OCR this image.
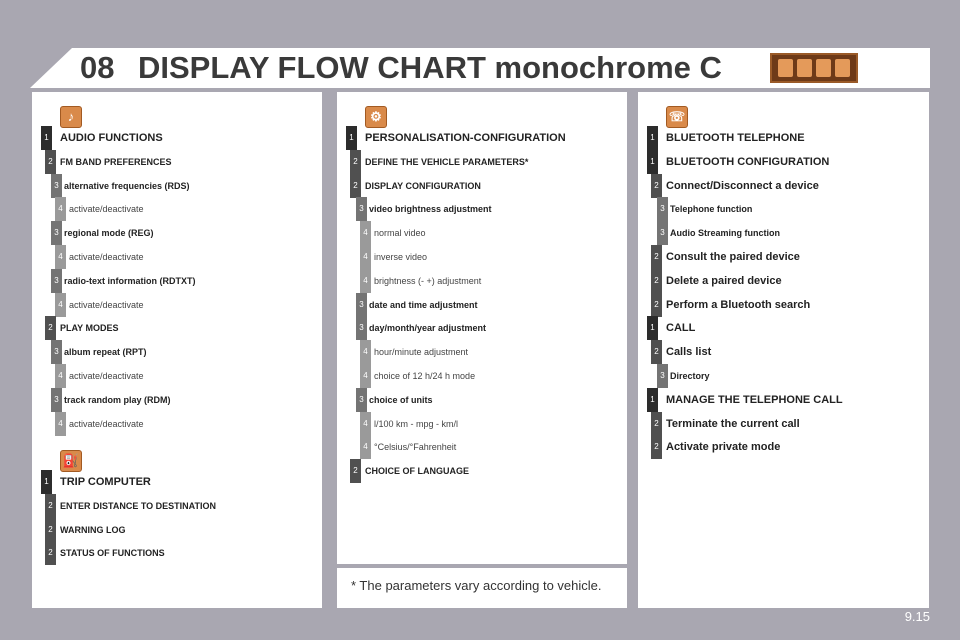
08 DISPLAY FLOW CHART monochrome C
♪
1 AUDIO FUNCTIONS
2 FM BAND PREFERENCES
3 alternative frequencies (RDS)
4 activate/deactivate
3 regional mode (REG)
4 activate/deactivate
3 radio-text information (RDTXT)
4 activate/deactivate
2 PLAY MODES
3 album repeat (RPT)
4 activate/deactivate
3 track random play (RDM)
4 activate/deactivate
⛽
1 TRIP COMPUTER
2 ENTER DISTANCE TO DESTINATION
2 WARNING LOG
2 STATUS OF FUNCTIONS
⚙
1 PERSONALISATION-CONFIGURATION
2 DEFINE THE VEHICLE PARAMETERS*
2 DISPLAY CONFIGURATION
3 video brightness adjustment
4 normal video
4 inverse video
4 brightness (- +) adjustment
3 date and time adjustment
3 day/month/year adjustment
4 hour/minute adjustment
4 choice of 12 h/24 h mode
3 choice of units
4 l/100 km - mpg - km/l
4 °Celsius/°Fahrenheit
2 CHOICE OF LANGUAGE
* The parameters vary according to vehicle.
☏
1 BLUETOOTH TELEPHONE
1 BLUETOOTH CONFIGURATION
2 Connect/Disconnect a device
3 Telephone function
3 Audio Streaming function
2 Consult the paired device
2 Delete a paired device
2 Perform a Bluetooth search
1 CALL
2 Calls list
3 Directory
1 MANAGE THE TELEPHONE CALL
2 Terminate the current call
2 Activate private mode
9.15
